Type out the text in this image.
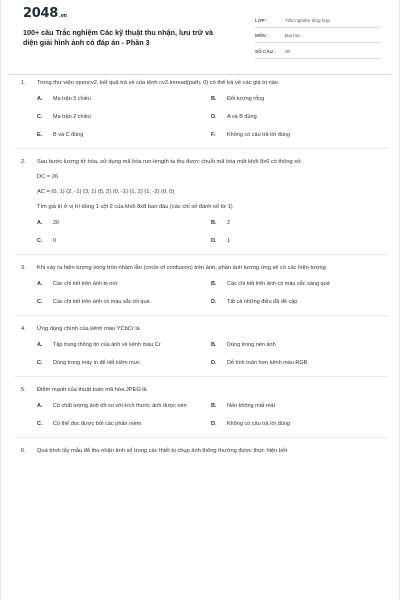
2048.vn
100+ câu Trắc nghiệm Các kỹ thuật thu nhận, lưu trữ và diện giải hình ảnh có đáp án - Phần 3
LỚP :	Trắc nghiệm tổng hợp
MÔN :	Đại học
SỐ CÂU :	30
1.	Trong thư viện opencv2, kết quả trả về của lệnh cv2.imread(path, 0) có thể trả về các giá trị nào
A.	Ma trận 3 chiều	B.	Đối tượng rỗng
C.	Ma trận 2 chiều	D.	A và B đúng
E.	B và C đúng	F.	Không có câu trả lời đúng
2.	Sau bước lượng tử hóa, sử dụng mã hóa run-length ta thu được chuỗi mã hóa một khối 8x6 có thông số:
DC = 26
AC = (0, 1) (2, -1) (3, 1) (5, 2) (0, -1) (1, 2) (1, -2) (0, 0)
Tìm giá trị ở vị trí dòng 1 cột 2 của khối 8x8 ban đầu (các chỉ số đánh số từ 1)
A.	26	B.	2
C.	0	D.	1
3.	Khi xảy ra hiện tượng vòng tròn nhầm lẫn (circle of confusion) trên ảnh, phần ảnh tương ứng sẽ có các hiện tượng
A.	Các chi tiết trên ảnh bị mờ	B.	Các chi tiết trên ảnh có màu sắc sáng quá
C.	Các chi tiết trên ảnh có màu sắc tối quá	D.	Tất cả những điều đã đề cập
4.	Ứng dụng chính của kênh màu YCbCr là
A.	Tập trung thông tin của ảnh về kênh màu Cr	B.	Dùng trong nén ảnh
C.	Dùng trong máy in để tiết kiệm mực	D.	Dễ tính toán hơn kênh màu RGB
5.	Điểm mạnh của thuật toán mã hóa JPEG là
A.	Có chất lượng ảnh tốt so với kích thước ảnh được nén	B.	Nén không mất mát
C.	Có thể đọc được bởi các phần mềm	D.	Không có câu trả lời đúng
6.	Quá trình lấy mẫu để thu nhận ảnh số trong các thiết bị chụp ảnh thông thường được thực hiện bởi
